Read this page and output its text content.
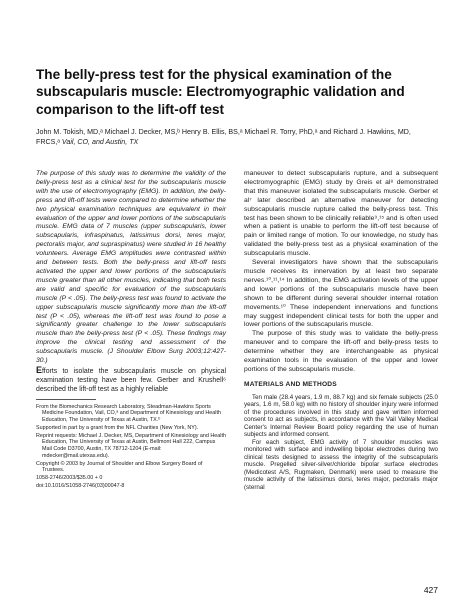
The belly-press test for the physical examination of the subscapularis muscle: Electromyographic validation and comparison to the lift-off test
John M. Tokish, MD,ᵃ Michael J. Decker, MS,ᵇ Henry B. Ellis, BS,ᵃ Michael R. Torry, PhD,ᵃ and Richard J. Hawkins, MD, FRCS,ᵃ Vail, CO, and Austin, TX

The purpose of this study was to determine the validity of the belly-press test as a clinical test for the subscapularis muscle with the use of electromyography (EMG). In addition, the belly-press and lift-off tests were compared to determine whether the two physical examination techniques are equivalent in their evaluation of the upper and lower portions of the subscapularis muscle. EMG data of 7 muscles (upper subscapularis, lower subscapularis, infraspinatus, latissimus dorsi, teres major, pectoralis major, and supraspinatus) were studied in 16 healthy volunteers. Average EMG amplitudes were contrasted within and between tests. Both the belly-press and lift-off tests activated the upper and lower portions of the subscapularis muscle greater than all other muscles, indicating that both tests are valid and specific for evaluation of the subscapularis muscle (P < .05). The belly-press test was found to activate the upper subscapularis muscle significantly more than the lift-off test (P < .05), whereas the lift-off test was found to pose a significantly greater challenge to the lower subscapularis muscle than the belly-press test (P < .05). These findings may improve the clinical testing and assessment of the subscapularis muscle. (J Shoulder Elbow Surg 2003;12:427-30.)

Efforts to isolate the subscapularis muscle on physical examination testing have been few. Gerber and Krushell⁶ described the lift-off test as a highly reliable

From the Biomechanics Research Laboratory, Steadman-Hawkins Sports Medicine Foundation, Vail, CO,ᵃ and Department of Kinesiology and Health Education, The University of Texas at Austin, TX.ᵇ

Supported in part by a grant from the NFL Charities (New York, NY).

Reprint requests: Michael J. Decker, MS, Department of Kinesiology and Health Education, The University of Texas at Austin, Bellmont Hall 222, Campus Mail Code D3700, Austin, TX 78712-1204 (E-mail: mdecker@mail.utexas.edu).

Copyright © 2003 by Journal of Shoulder and Elbow Surgery Board of Trustees.

1058-2746/2003/$35.00 + 0

doi:10.1016/S1058-2746(03)00047-8

maneuver to detect subscapularis rupture, and a subsequent electromyographic (EMG) study by Greis et al⁸ demonstrated that this maneuver isolated the subscapularis muscle. Gerber et al⁷ later described an alternative maneuver for detecting subscapularis muscle rupture called the belly-press test. This test has been shown to be clinically reliable⁹,¹⁵ and is often used when a patient is unable to perform the lift-off test because of pain or limited range of motion. To our knowledge, no study has validated the belly-press test as a physical examination of the subscapularis muscle.

Several investigators have shown that the subscapularis muscle receives its innervation by at least two separate nerves.¹⁰,¹¹,¹⁴ In addition, the EMG activation levels of the upper and lower portions of the subscapularis muscle have been shown to be different during several shoulder internal rotation movements.¹⁰ These independent innervations and functions may suggest independent clinical tests for both the upper and lower portions of the subscapularis muscle.

The purpose of this study was to validate the belly-press maneuver and to compare the lift-off and belly-press tests to determine whether they are interchangeable as physical examination tools in the evaluation of the upper and lower portions of the subscapularis muscle.

MATERIALS AND METHODS

Ten male (28.4 years, 1.9 m, 88.7 kg) and six female subjects (25.0 years, 1.6 m, 58.0 kg) with no history of shoulder injury were informed of the procedures involved in this study and gave written informed consent to act as subjects, in accordance with the Vail Valley Medical Center's Internal Review Board policy regarding the use of human subjects and informed consent.

For each subject, EMG activity of 7 shoulder muscles was monitored with surface and indwelling bipolar electrodes during two clinical tests designed to assess the integrity of the subscapularis muscle. Pregelled silver-silver/chloride bipolar surface electrodes (Medicotest A/S, Rugmaken, Denmark) were used to measure the muscle activity of the latissimus dorsi, teres major, pectoralis major (sternal

427
